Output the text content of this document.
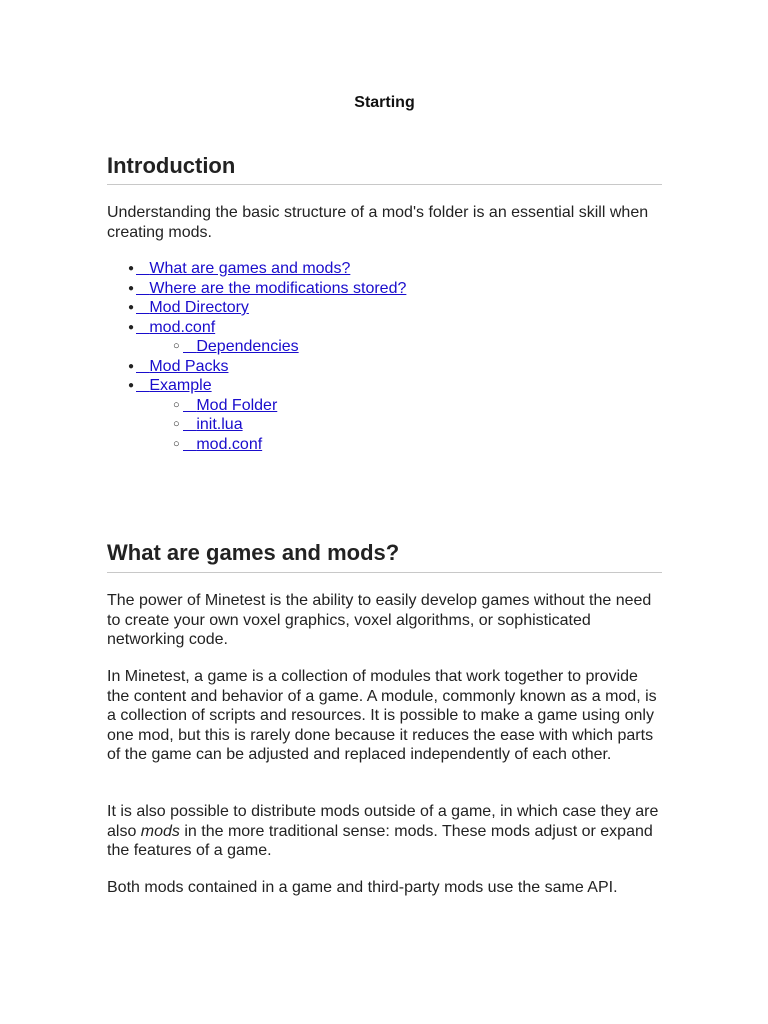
Starting
Introduction

Understanding the basic structure of a mod's folder is an essential skill when creating mods.

● What are games and mods?
● Where are the modifications stored?
● Mod Directory
● mod.conf
○ Dependencies
● Mod Packs
● Example
○ Mod Folder
○ init.lua
○ mod.conf
What are games and mods?

The power of Minetest is the ability to easily develop games without the need to create your own voxel graphics, voxel algorithms, or sophisticated networking code.

In Minetest, a game is a collection of modules that work together to provide the content and behavior of a game. A module, commonly known as a mod, is a collection of scripts and resources. It is possible to make a game using only one mod, but this is rarely done because it reduces the ease with which parts of the game can be adjusted and replaced independently of each other.

It is also possible to distribute mods outside of a game, in which case they are also mods in the more traditional sense: mods. These mods adjust or expand the features of a game.

Both mods contained in a game and third-party mods use the same API.
